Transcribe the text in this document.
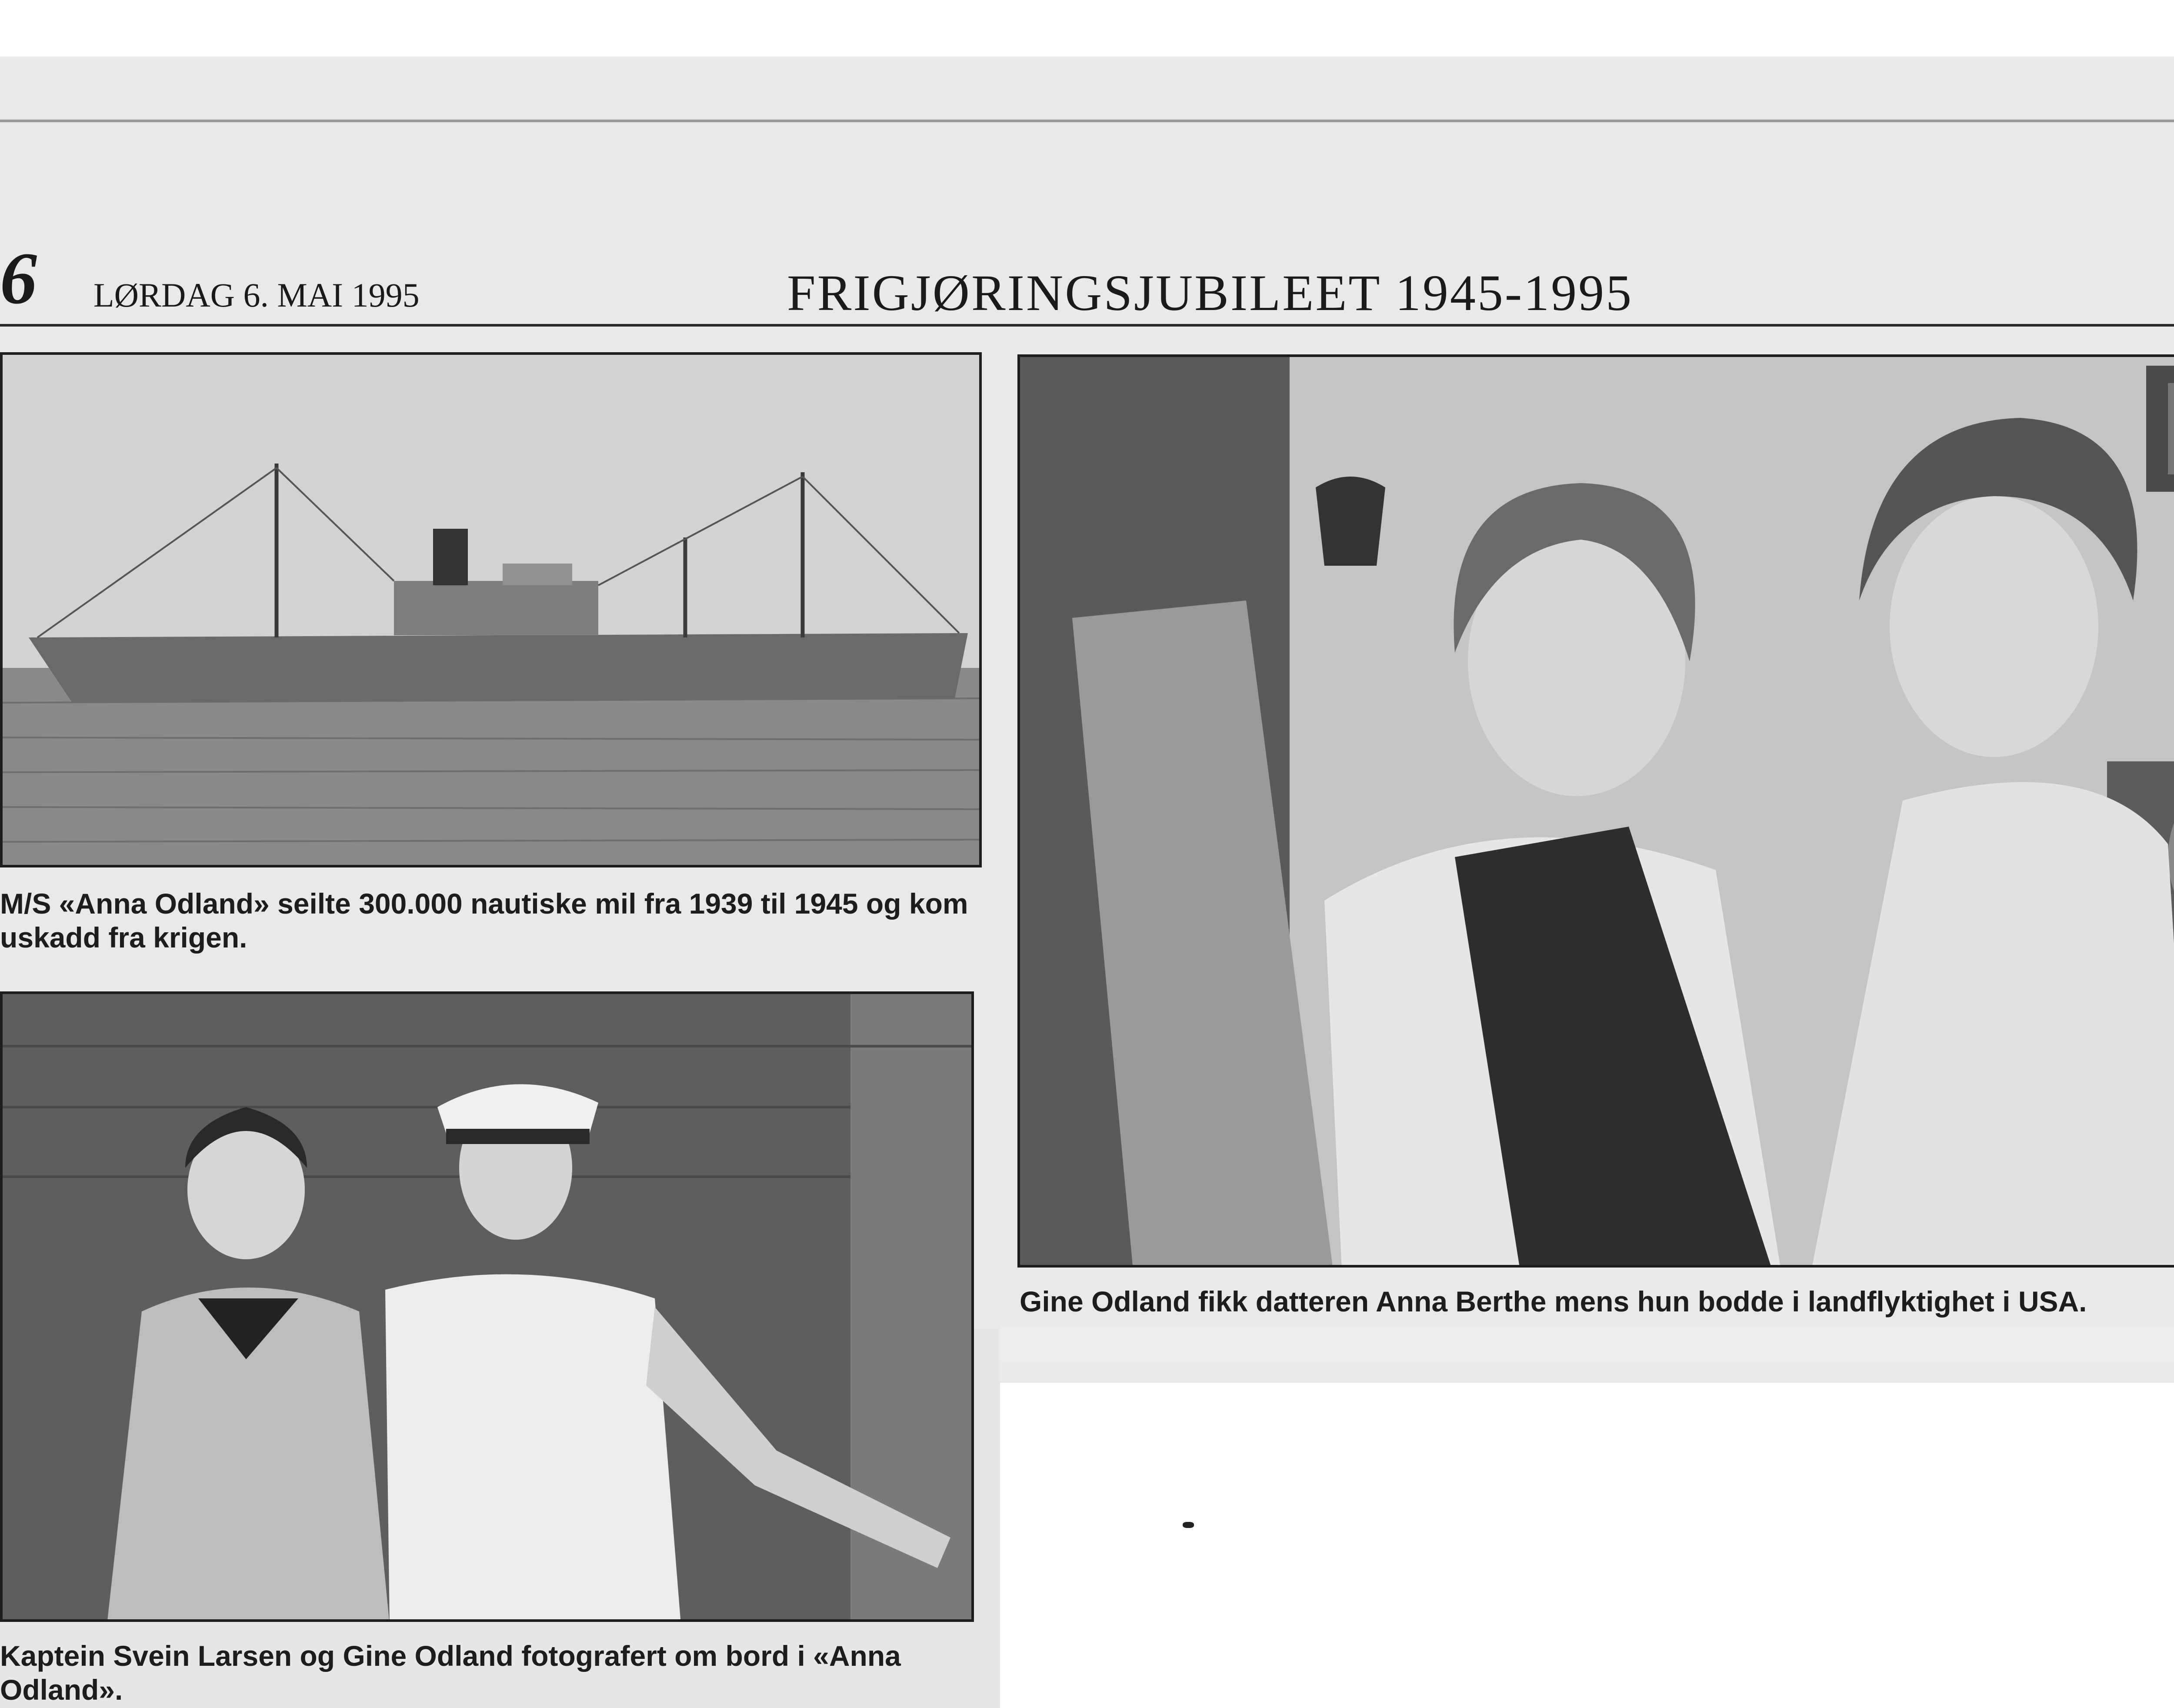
6 LØRDAG 6. MAI 1995	FRIGJØRINGSJUBILEET 1945-1995
M/S «Anna Odland» seilte 300.000 nautiske mil fra 1939 til 1945 og kom uskadd fra krigen.
Kaptein Svein Larsen og Gine Odland fotografert om bord i «Anna Odland».
Gine Odland fikk datteren Anna Berthe mens hun bodde i landflyktighet i USA.
